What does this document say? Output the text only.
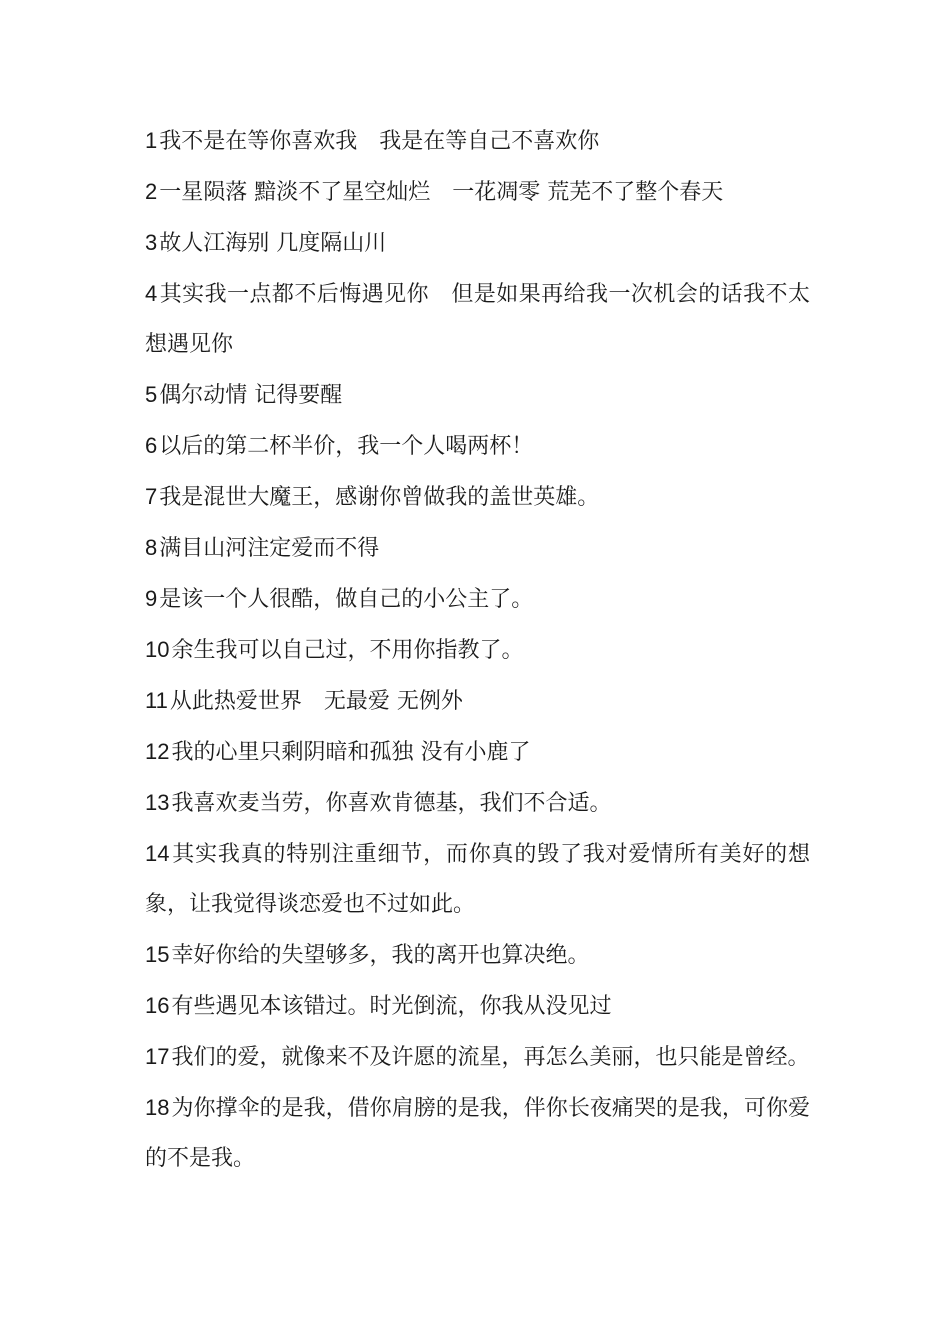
1我不是在等你喜欢我　我是在等自己不喜欢你

2一星陨落 黯淡不了星空灿烂　一花凋零 荒芜不了整个春天

3故人江海别 几度隔山川

4其实我一点都不后悔遇见你　但是如果再给我一次机会的话我不太想遇见你

5偶尔动情 记得要醒

6以后的第二杯半价，我一个人喝两杯！

7我是混世大魔王，感谢你曾做我的盖世英雄。

8满目山河注定爱而不得

9是该一个人很酷，做自己的小公主了。

10余生我可以自己过，不用你指教了。

11从此热爱世界　无最爱 无例外

12我的心里只剩阴暗和孤独 没有小鹿了

13我喜欢麦当劳，你喜欢肯德基，我们不合适。

14其实我真的特别注重细节，而你真的毁了我对爱情所有美好的想象，让我觉得谈恋爱也不过如此。

15幸好你给的失望够多，我的离开也算决绝。

16有些遇见本该错过。时光倒流，你我从没见过

17我们的爱，就像来不及许愿的流星，再怎么美丽，也只能是曾经。

18为你撑伞的是我，借你肩膀的是我，伴你长夜痛哭的是我，可你爱的不是我。
